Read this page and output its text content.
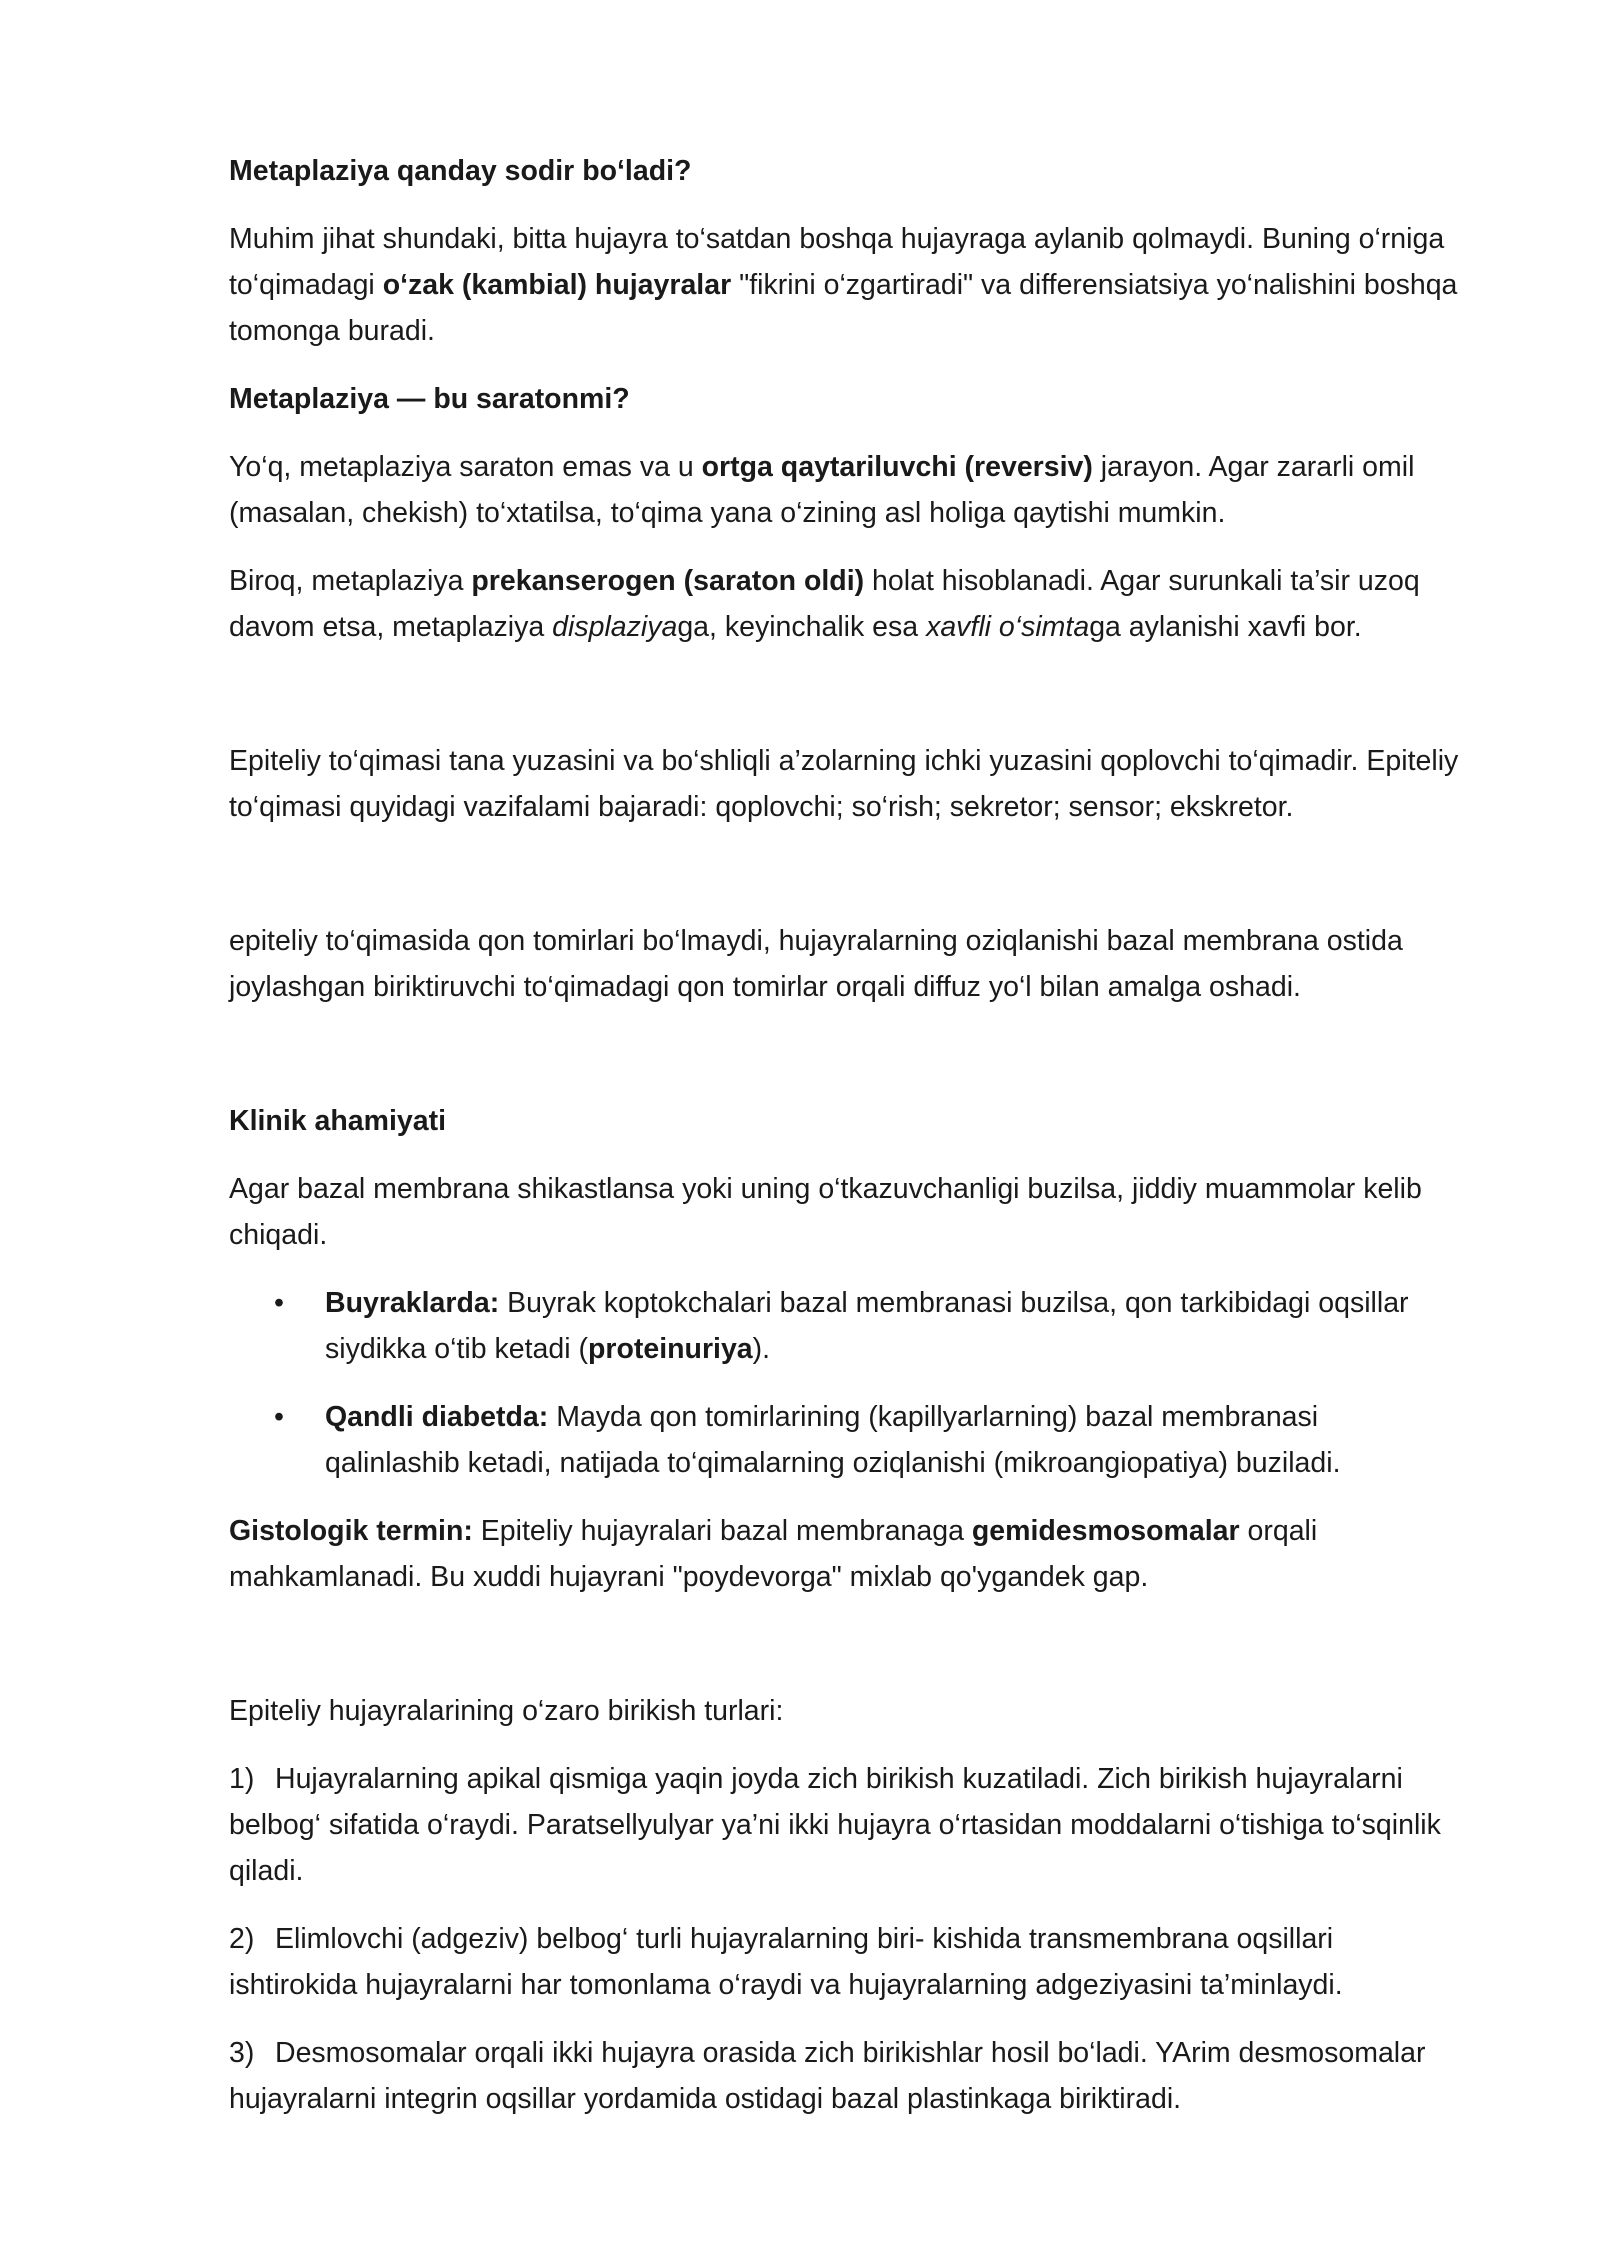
Metaplaziya qanday sodir bo‘ladi?

Muhim jihat shundaki, bitta hujayra to‘satdan boshqa hujayraga aylanib qolmaydi. Buning o‘rniga to‘qimadagi o‘zak (kambial) hujayralar "fikrini o‘zgartiradi" va differensiatsiya yo‘nalishini boshqa tomonga buradi.

Metaplaziya — bu saratonmi?

Yo‘q, metaplaziya saraton emas va u ortga qaytariluvchi (reversiv) jarayon. Agar zararli omil (masalan, chekish) to‘xtatilsa, to‘qima yana o‘zining asl holiga qaytishi mumkin.

Biroq, metaplaziya prekanserogen (saraton oldi) holat hisoblanadi. Agar surunkali ta’sir uzoq davom etsa, metaplaziya displaziyaga, keyinchalik esa xavfli o‘simtaga aylanishi xavfi bor.

Epiteliy to‘qimasi tana yuzasini va bo‘shliqli a’zolarning ichki yuzasini qoplovchi to‘qimadir. Epiteliy to‘qimasi quyidagi vazifalami bajaradi: qoplovchi; so‘rish; sekretor; sensor; ekskretor.

epiteliy to‘qimasida qon tomirlari bo‘lmaydi, hujayralarning oziqlanishi bazal membrana ostida joylashgan biriktiruvchi to‘qimadagi qon tomirlar orqali diffuz yo‘l bilan amalga oshadi.

Klinik ahamiyati

Agar bazal membrana shikastlansa yoki uning o‘tkazuvchanligi buzilsa, jiddiy muammolar kelib chiqadi.

• Buyraklarda: Buyrak koptokchalari bazal membranasi buzilsa, qon tarkibidagi oqsillar siydikka o‘tib ketadi (proteinuriya).
• Qandli diabetda: Mayda qon tomirlarining (kapillyarlarning) bazal membranasi qalinlashib ketadi, natijada to‘qimalarning oziqlanishi (mikroangiopatiya) buziladi.

Gistologik termin: Epiteliy hujayralari bazal membranaga gemidesmosomalar orqali mahkamlanadi. Bu xuddi hujayrani "poydevorga" mixlab qo'ygandek gap.

Epiteliy hujayralarining o‘zaro birikish turlari:

1) Hujayralarning apikal qismiga yaqin joyda zich birikish kuzatiladi. Zich birikish hujayralarni belbog‘ sifatida o‘raydi. Paratsellyulyar ya’ni ikki hujayra o‘rtasidan moddalarni o‘tishiga to‘sqinlik qiladi.

2) Elimlovchi (adgeziv) belbog‘ turli hujayralarning biri- kishida transmembrana oqsillari ishtirokida hujayralarni har tomonlama o‘raydi va hujayralarning adgeziyasini ta’minlaydi.

3) Desmosomalar orqali ikki hujayra orasida zich birikishlar hosil bo‘ladi. YArim desmosomalar hujayralarni integrin oqsillar yordamida ostidagi bazal plastinkaga biriktiradi.
